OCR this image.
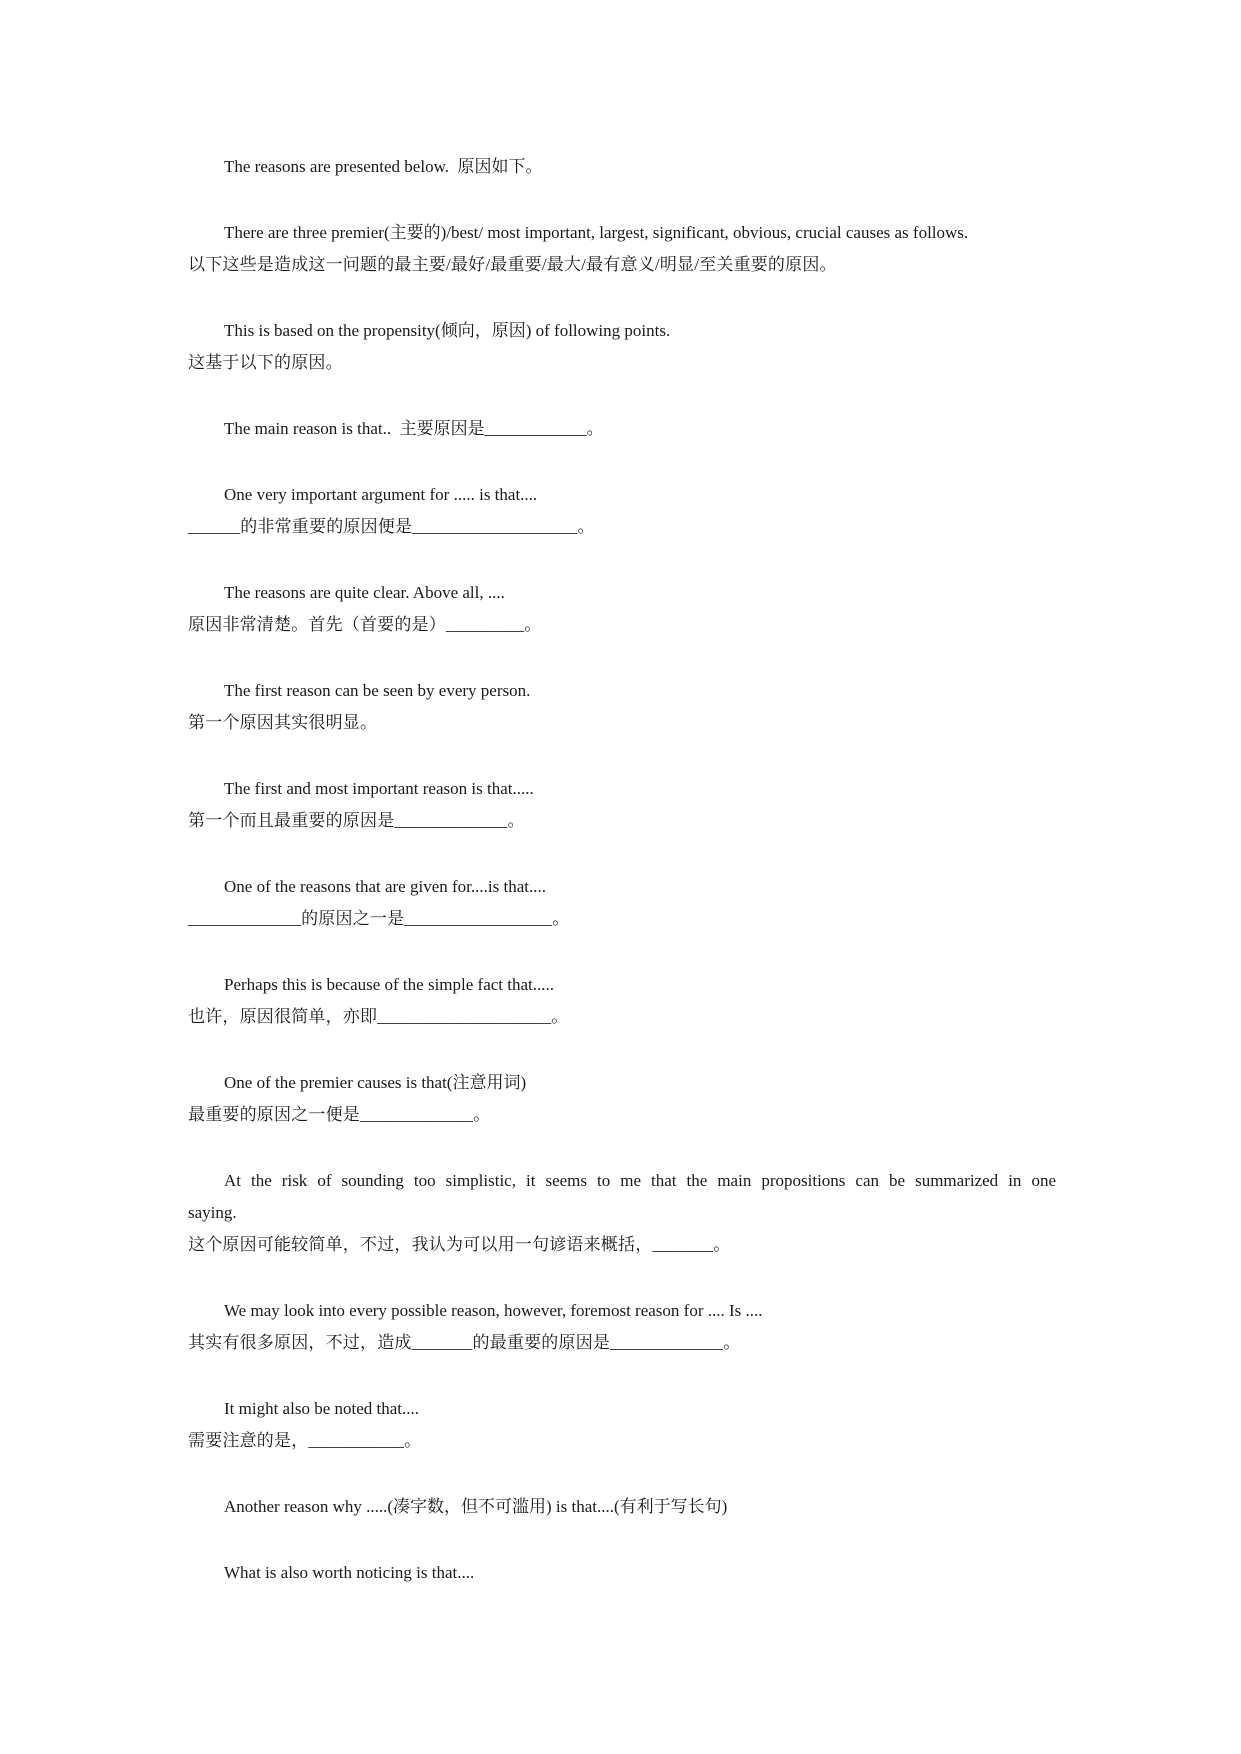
The reasons are presented below.  原因如下。

There are three premier(主要的)/best/ most important, largest, significant, obvious, crucial causes as follows.

以下这些是造成这一问题的最主要/最好/最重要/最大/最有意义/明显/至关重要的原因。

This is based on the propensity(倾向，原因) of following points.

这基于以下的原因。

The main reason is that..  主要原因是____________。

One very important argument for ..... is that....

______的非常重要的原因便是___________________。

The reasons are quite clear. Above all, ....

原因非常清楚。首先（首要的是）_________。

The first reason can be seen by every person.

第一个原因其实很明显。

The first and most important reason is that.....

第一个而且最重要的原因是_____________。

One of the reasons that are given for....is that....

_____________的原因之一是_________________。

Perhaps this is because of the simple fact that.....

也许，原因很简单，亦即____________________。

One of the premier causes is that(注意用词)

最重要的原因之一便是_____________。

At the risk of sounding too simplistic, it seems to me that the main propositions can be summarized in one

saying.

这个原因可能较简单，不过，我认为可以用一句谚语来概括，_______。

We may look into every possible reason, however, foremost reason for .... Is ....

其实有很多原因，不过，造成_______的最重要的原因是_____________。

It might also be noted that....

需要注意的是，___________。

Another reason why .....(凑字数，但不可滥用) is that....(有利于写长句)

What is also worth noticing is that....
